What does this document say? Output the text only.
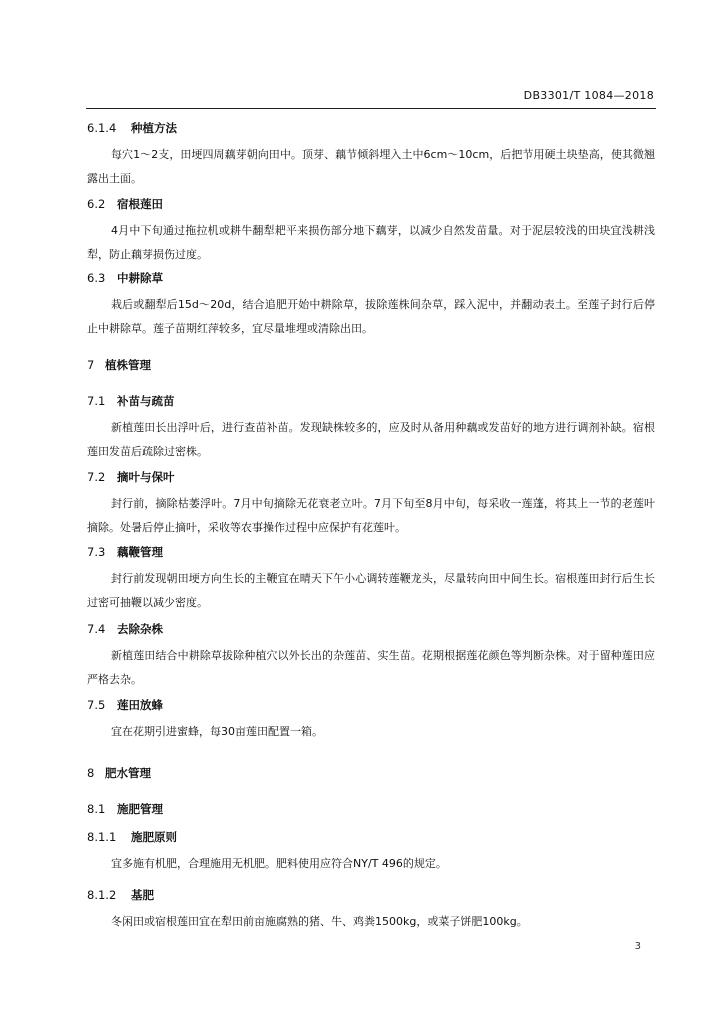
DB3301/T 1084—2018
6.1.4 种植方法
每穴1～2支，田埂四周藕芽朝向田中。顶芽、藕节倾斜埋入土中6cm～10cm，后把节用硬土块垫高，使其微翘露出土面。
6.2 宿根莲田
4月中下旬通过拖拉机或耕牛翻犁耙平来损伤部分地下藕芽，以减少自然发苗量。对于泥层较浅的田块宜浅耕浅犁，防止藕芽损伤过度。
6.3 中耕除草
栽后或翻犁后15d～20d，结合追肥开始中耕除草，拔除莲株间杂草，踩入泥中，并翻动表土。至莲子封行后停止中耕除草。莲子苗期红萍较多，宜尽量堆埋或清除出田。
7 植株管理
7.1 补苗与疏苗
新植莲田长出浮叶后，进行查苗补苗。发现缺株较多的，应及时从备用种藕或发苗好的地方进行调剂补缺。宿根莲田发苗后疏除过密株。
7.2 摘叶与保叶
封行前，摘除枯萎浮叶。7月中旬摘除无花衰老立叶。7月下旬至8月中旬，每采收一莲蓬，将其上一节的老莲叶摘除。处暑后停止摘叶，采收等农事操作过程中应保护有花莲叶。
7.3 藕鞭管理
封行前发现朝田埂方向生长的主鞭宜在晴天下午小心调转莲鞭龙头，尽量转向田中间生长。宿根莲田封行后生长过密可抽鞭以减少密度。
7.4 去除杂株
新植莲田结合中耕除草拔除种植穴以外长出的杂莲苗、实生苗。花期根据莲花颜色等判断杂株。对于留种莲田应严格去杂。
7.5 莲田放蜂
宜在花期引进蜜蜂，每30亩莲田配置一箱。
8 肥水管理
8.1 施肥管理
8.1.1 施肥原则
宜多施有机肥，合理施用无机肥。肥料使用应符合NY/T 496的规定。
8.1.2 基肥
冬闲田或宿根莲田宜在犁田前亩施腐熟的猪、牛、鸡粪1500kg，或菜子饼肥100kg。
3
